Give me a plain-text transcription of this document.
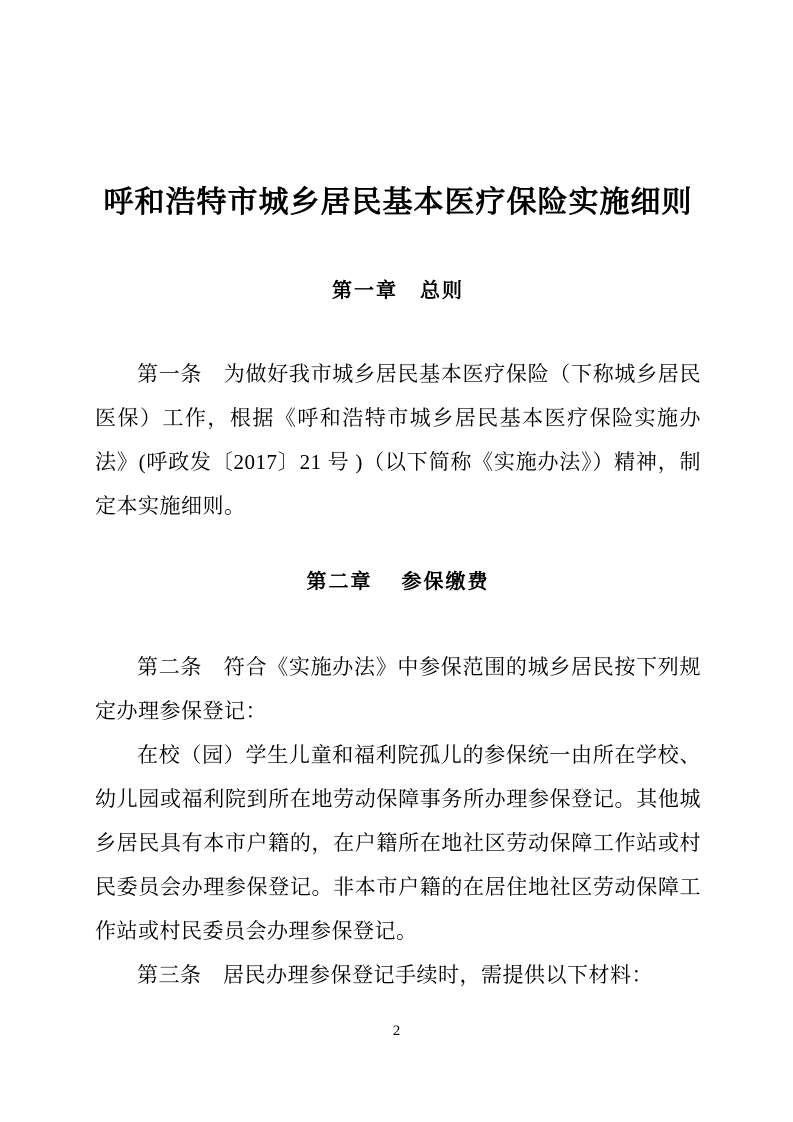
呼和浩特市城乡居民基本医疗保险实施细则
第一章　总则

第一条　为做好我市城乡居民基本医疗保险（下称城乡居民医保）工作，根据《呼和浩特市城乡居民基本医疗保险实施办法》(呼政发〔2017〕21 号 )（以下简称《实施办法》）精神，制定本实施细则。

第二章　 参保缴费

第二条　符合《实施办法》中参保范围的城乡居民按下列规定办理参保登记：

在校（园）学生儿童和福利院孤儿的参保统一由所在学校、幼儿园或福利院到所在地劳动保障事务所办理参保登记。其他城乡居民具有本市户籍的，在户籍所在地社区劳动保障工作站或村民委员会办理参保登记。非本市户籍的在居住地社区劳动保障工作站或村民委员会办理参保登记。

第三条　居民办理参保登记手续时，需提供以下材料：

2
